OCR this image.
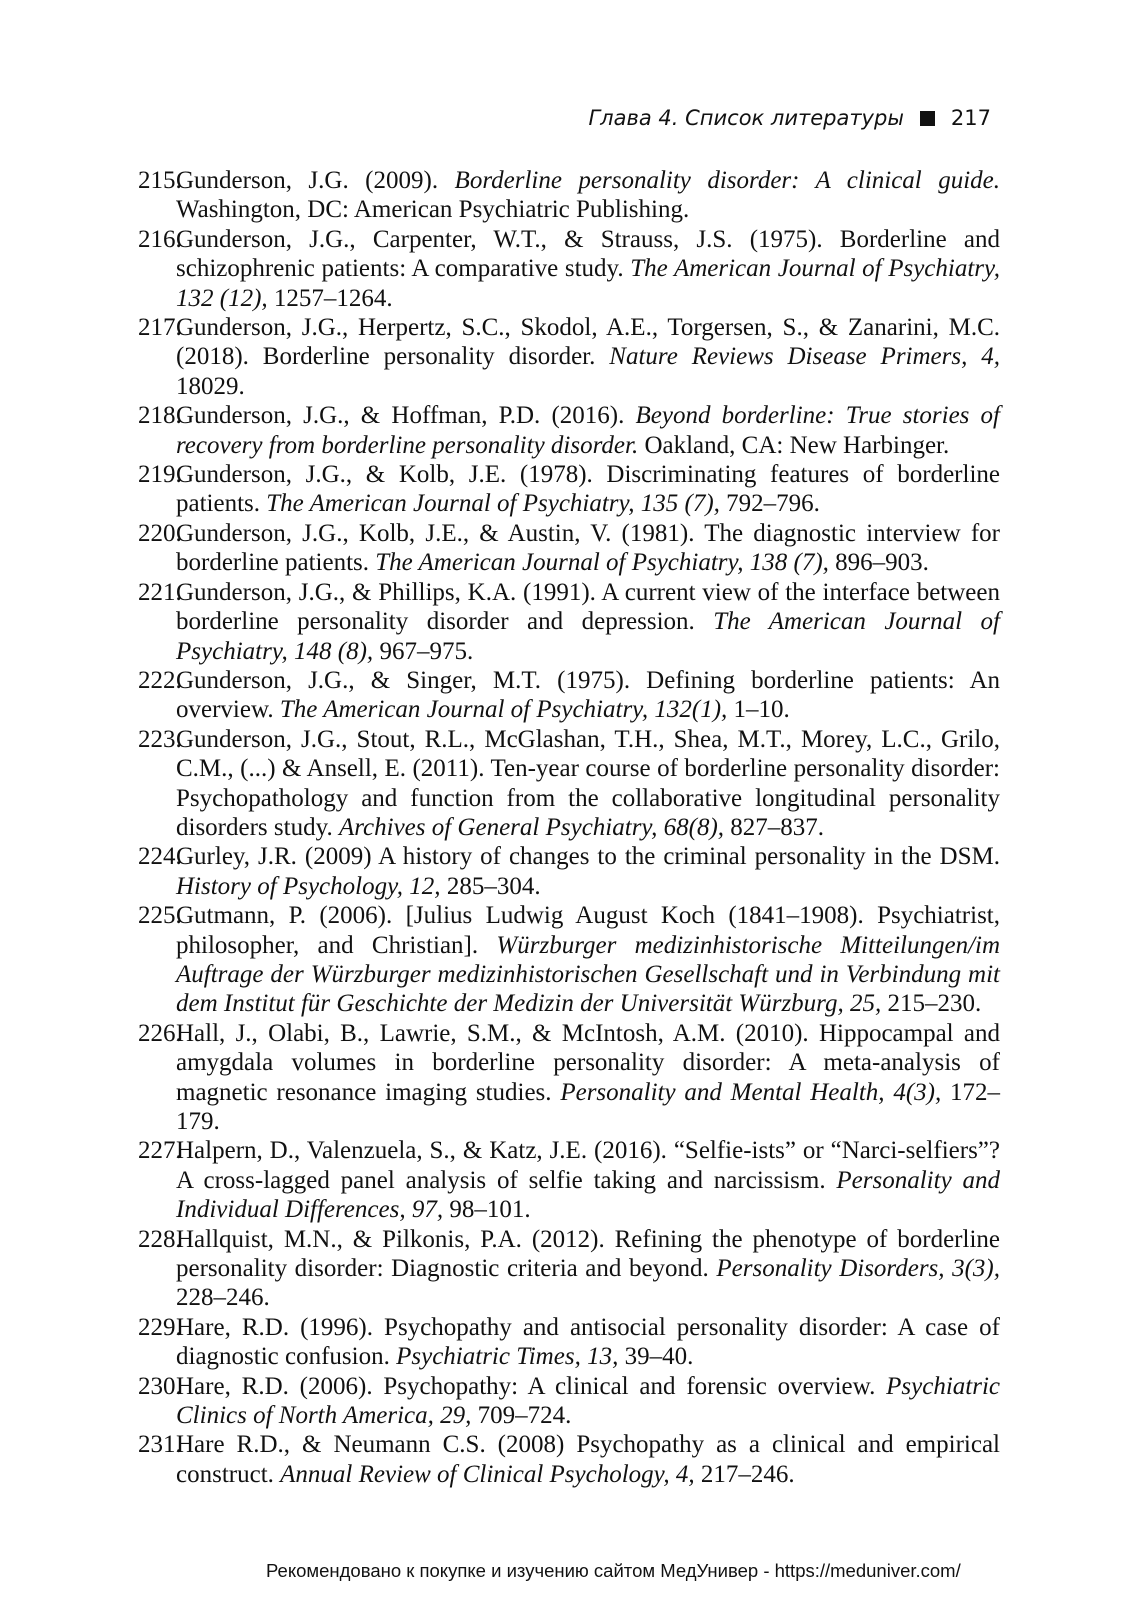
Глава 4. Список литературы 217
215.
Gunderson, J.G. (2009). Borderline personality disorder: A clinical guide. Washington, DC: American Psychiatric Publishing.
216.
Gunderson, J.G., Carpenter, W.T., & Strauss, J.S. (1975). Borderline and schizophrenic patients: A comparative study. The American Journal of Psychiatry, 132 (12), 1257–1264.
217.
Gunderson, J.G., Herpertz, S.C., Skodol, A.E., Torgersen, S., & Zanarini, M.C. (2018). Borderline personality disorder. Nature Reviews Disease Primers, 4, 18029.
218.
Gunderson, J.G., & Hoffman, P.D. (2016). Beyond borderline: True stories of recovery from borderline personality disorder. Oakland, CA: New Harbinger.
219.
Gunderson, J.G., & Kolb, J.E. (1978). Discriminating features of borderline patients. The American Journal of Psychiatry, 135 (7), 792–796.
220.
Gunderson, J.G., Kolb, J.E., & Austin, V. (1981). The diagnostic interview for borderline patients. The American Journal of Psychiatry, 138 (7), 896–903.
221.
Gunderson, J.G., & Phillips, K.A. (1991). A current view of the interface between borderline personality disorder and depression. The American Journal of Psychiatry, 148 (8), 967–975.
222.
Gunderson, J.G., & Singer, M.T. (1975). Defining borderline patients: An overview. The American Journal of Psychiatry, 132(1), 1–10.
223.
Gunderson, J.G., Stout, R.L., McGlashan, T.H., Shea, M.T., Morey, L.C., Grilo, C.M., (...) & Ansell, E. (2011). Ten-year course of borderline personality disorder: Psychopathology and function from the collaborative longitudinal personality disorders study. Archives of General Psychiatry, 68(8), 827–837.
224.
Gurley, J.R. (2009) A history of changes to the criminal personality in the DSM. History of Psychology, 12, 285–304.
225.
Gutmann, P. (2006). [Julius Ludwig August Koch (1841–1908). Psychiatrist, philosopher, and Christian]. Würzburger medizinhistorische Mitteilungen/im Auftrage der Würzburger medizinhistorischen Gesellschaft und in Verbindung mit dem Institut für Geschichte der Medizin der Universität Würzburg, 25, 215–230.
226.
Hall, J., Olabi, B., Lawrie, S.M., & McIntosh, A.M. (2010). Hippocampal and amygdala volumes in borderline personality disorder: A meta-analysis of magnetic resonance imaging studies. Personality and Mental Health, 4(3), 172–179.
227.
Halpern, D., Valenzuela, S., & Katz, J.E. (2016). “Selfie-ists” or “Narci-selfiers”? A cross-lagged panel analysis of selfie taking and narcissism. Personality and Individual Differences, 97, 98–101.
228.
Hallquist, M.N., & Pilkonis, P.A. (2012). Refining the phenotype of borderline personality disorder: Diagnostic criteria and beyond. Personality Disorders, 3(3), 228–246.
229.
Hare, R.D. (1996). Psychopathy and antisocial personality disorder: A case of diagnostic confusion. Psychiatric Times, 13, 39–40.
230.
Hare, R.D. (2006). Psychopathy: A clinical and forensic overview. Psychiatric Clinics of North America, 29, 709–724.
231.
Hare R.D., & Neumann C.S. (2008) Psychopathy as a clinical and empirical construct. Annual Review of Clinical Psychology, 4, 217–246.
Рекомендовано к покупке и изучению сайтом МедУнивер - https://meduniver.com/
